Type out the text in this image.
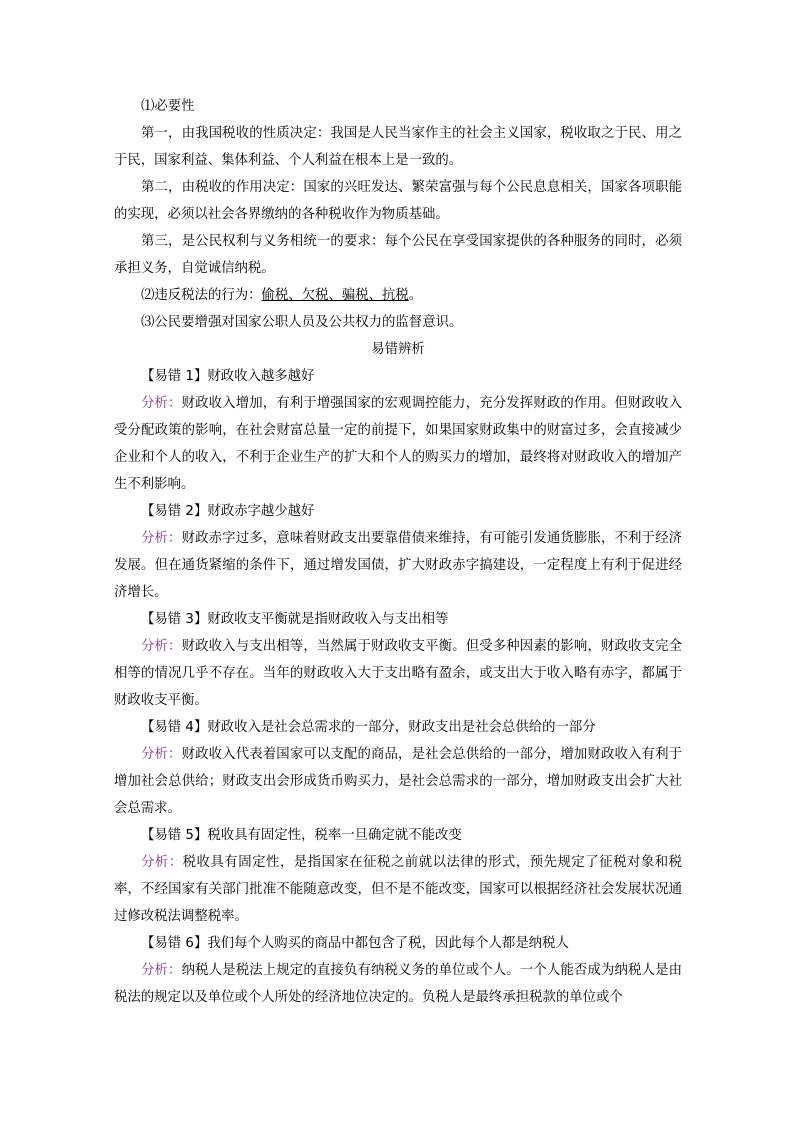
⑴必要性

第一，由我国税收的性质决定：我国是人民当家作主的社会主义国家，税收取之于民、用之于民，国家利益、集体利益、个人利益在根本上是一致的。

第二，由税收的作用决定：国家的兴旺发达、繁荣富强与每个公民息息相关，国家各项职能的实现，必须以社会各界缴纳的各种税收作为物质基础。

第三，是公民权利与义务相统一的要求：每个公民在享受国家提供的各种服务的同时，必须承担义务，自觉诚信纳税。

⑵违反税法的行为：偷税、欠税、骗税、抗税。

⑶公民要增强对国家公职人员及公共权力的监督意识。

易错辨析

【易错 1】财政收入越多越好

分析：财政收入增加，有利于增强国家的宏观调控能力，充分发挥财政的作用。但财政收入受分配政策的影响，在社会财富总量一定的前提下，如果国家财政集中的财富过多，会直接减少企业和个人的收入，不利于企业生产的扩大和个人的购买力的增加，最终将对财政收入的增加产生不利影响。

【易错 2】财政赤字越少越好

分析：财政赤字过多，意味着财政支出要靠借债来维持，有可能引发通货膨胀，不利于经济发展。但在通货紧缩的条件下，通过增发国债，扩大财政赤字搞建设，一定程度上有利于促进经济增长。

【易错 3】财政收支平衡就是指财政收入与支出相等

分析：财政收入与支出相等，当然属于财政收支平衡。但受多种因素的影响，财政收支完全相等的情况几乎不存在。当年的财政收入大于支出略有盈余，或支出大于收入略有赤字，都属于财政收支平衡。

【易错 4】财政收入是社会总需求的一部分，财政支出是社会总供给的一部分

分析：财政收入代表着国家可以支配的商品，是社会总供给的一部分，增加财政收入有利于增加社会总供给；财政支出会形成货币购买力，是社会总需求的一部分，增加财政支出会扩大社会总需求。

【易错 5】税收具有固定性，税率一旦确定就不能改变

分析：税收具有固定性，是指国家在征税之前就以法律的形式，预先规定了征税对象和税率，不经国家有关部门批准不能随意改变，但不是不能改变，国家可以根据经济社会发展状况通过修改税法调整税率。

【易错 6】我们每个人购买的商品中都包含了税，因此每个人都是纳税人

分析：纳税人是税法上规定的直接负有纳税义务的单位或个人。一个人能否成为纳税人是由税法的规定以及单位或个人所处的经济地位决定的。负税人是最终承担税款的单位或个
